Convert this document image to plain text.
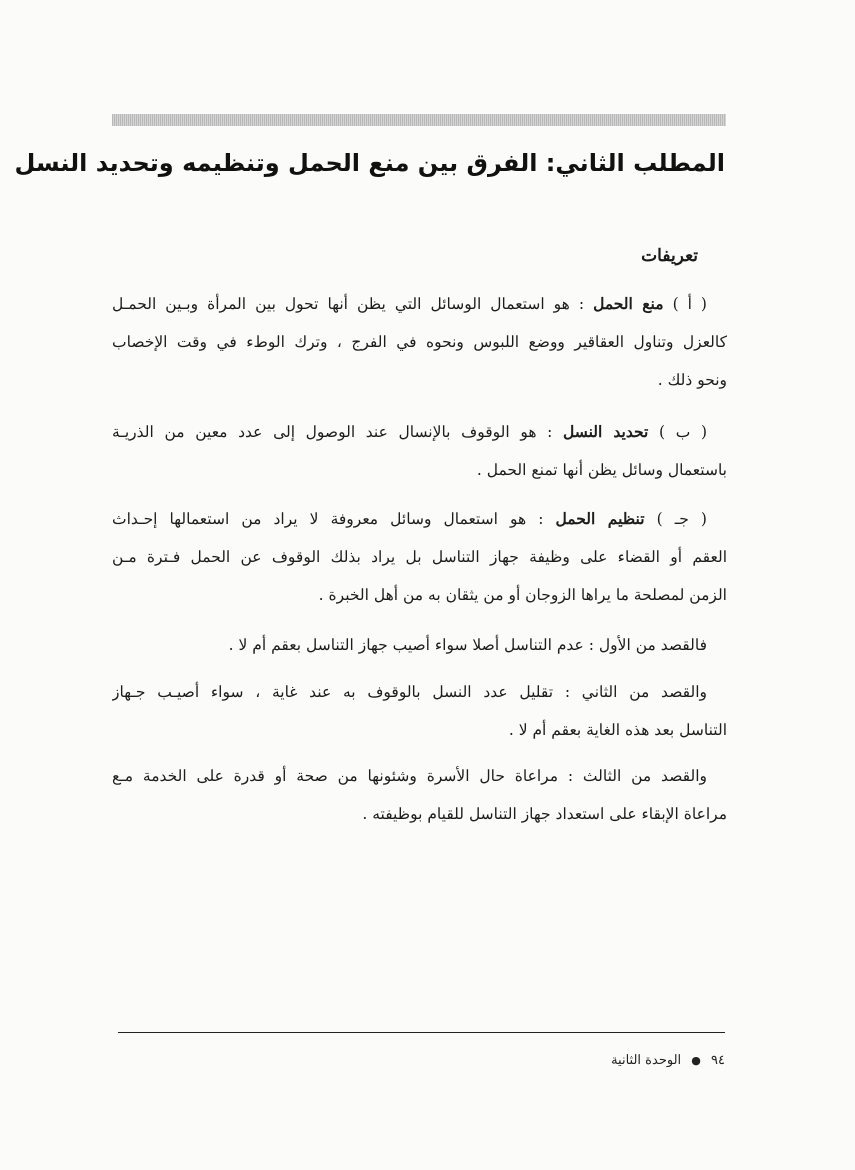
المطلب الثاني: الفرق بين منع الحمل وتنظيمه وتحديد النسل
تعريفات
( أ ) منع الحمل : هو استعمال الوسائل التي يظن أنها تحول بين المرأة وبـين الحمـل
كالعزل وتناول العقاقير ووضع اللبوس ونحوه في الفرج ، وترك الوطء في وقت الإخصاب
ونحو ذلك .
( ب ) تحديد النسل : هو الوقوف بالإنسال عند الوصول إلى عدد معين من الذريـة
باستعمال وسائل يظن أنها تمنع الحمل .
( جـ ) تنظيم الحمل : هو استعمال وسائل معروفة لا يراد من استعمالها إحـداث
العقم أو القضاء على وظيفة جهاز التناسل بل يراد بذلك الوقوف عن الحمل فـترة مـن
الزمن لمصلحة ما يراها الزوجان أو من يثقان به من أهل الخبرة .
فالقصد من الأول : عدم التناسل أصلا سواء أصيب جهاز التناسل بعقم أم لا .
والقصد من الثاني : تقليل عدد النسل بالوقوف به عند غاية ، سواء أصيـب جـهاز
التناسل بعد هذه الغاية بعقم أم لا .
والقصد من الثالث : مراعاة حال الأسرة وشئونها من صحة أو قدرة على الخدمة مـع
مراعاة الإبقاء على استعداد جهاز التناسل للقيام بوظيفته .
٩٤ ● الوحدة الثانية
